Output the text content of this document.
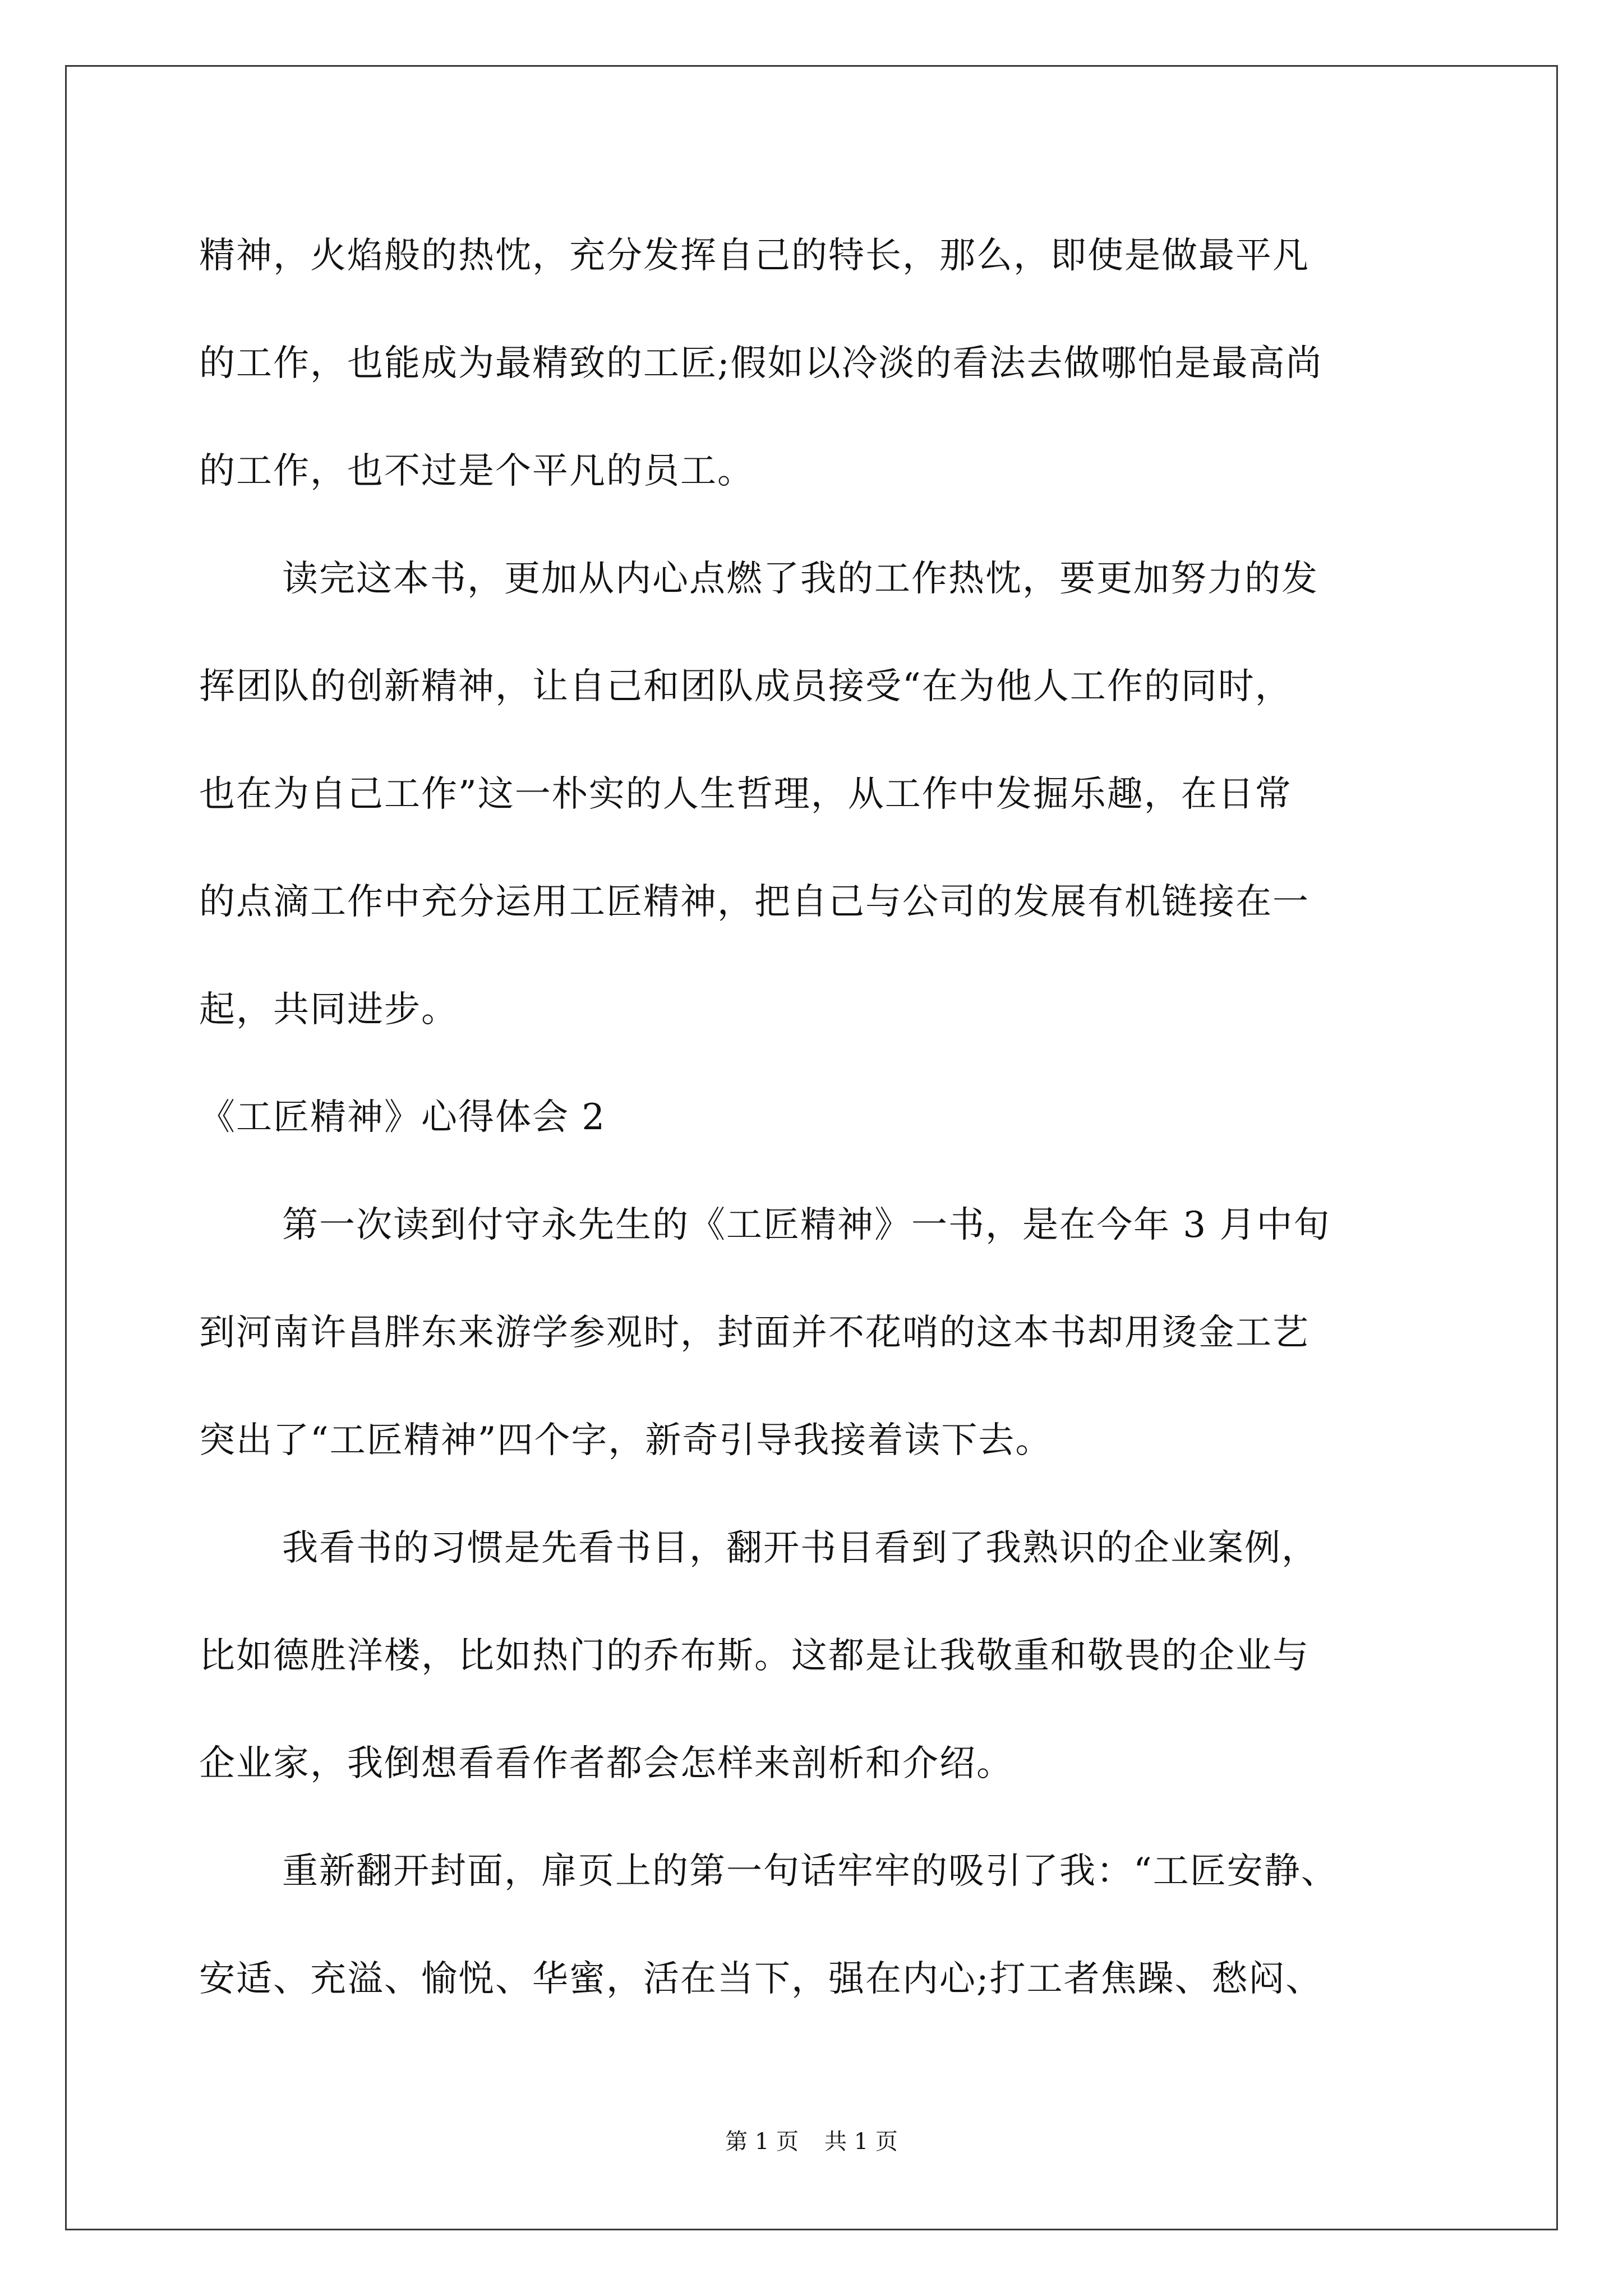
精神，火焰般的热忱，充分发挥自己的特长，那么，即使是做最平凡
的工作，也能成为最精致的工匠;假如以冷淡的看法去做哪怕是最高尚
的工作，也不过是个平凡的员工。
读完这本书，更加从内心点燃了我的工作热忱，要更加努力的发
挥团队的创新精神，让自己和团队成员接受“在为他人工作的同时，
也在为自己工作”这一朴实的人生哲理，从工作中发掘乐趣，在日常
的点滴工作中充分运用工匠精神，把自己与公司的发展有机链接在一
起，共同进步。
《工匠精神》心得体会 2
第一次读到付守永先生的《工匠精神》一书，是在今年 3 月中旬
到河南许昌胖东来游学参观时，封面并不花哨的这本书却用烫金工艺
突出了“工匠精神”四个字，新奇引导我接着读下去。
我看书的习惯是先看书目，翻开书目看到了我熟识的企业案例，
比如德胜洋楼，比如热门的乔布斯。这都是让我敬重和敬畏的企业与
企业家，我倒想看看作者都会怎样来剖析和介绍。
重新翻开封面，扉页上的第一句话牢牢的吸引了我：“工匠安静、
安适、充溢、愉悦、华蜜，活在当下，强在内心;打工者焦躁、愁闷、
第 1 页 共 1 页
